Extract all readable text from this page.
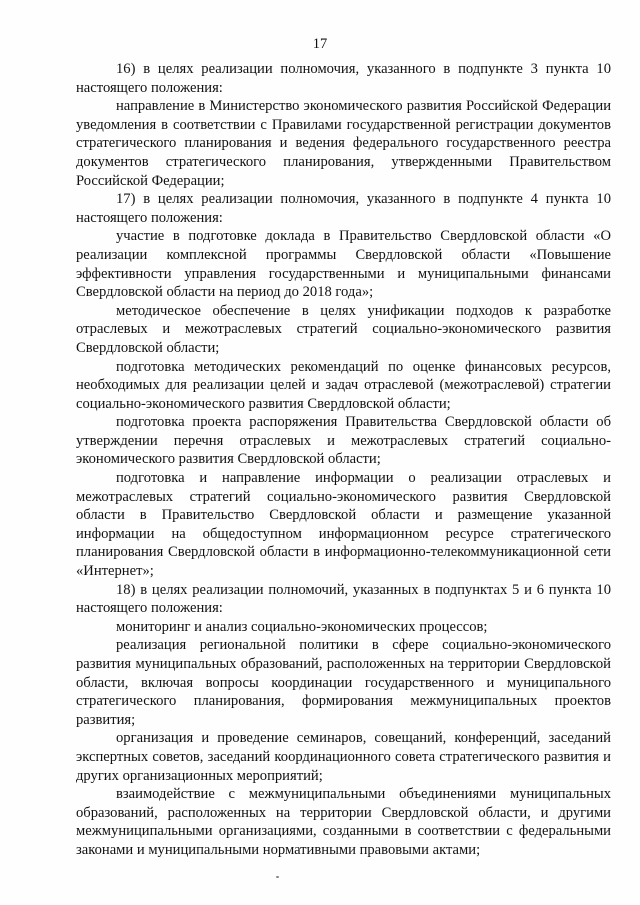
17

16) в целях реализации полномочия, указанного в подпункте 3 пункта 10 настоящего положения:

направление в Министерство экономического развития Российской Федерации уведомления в соответствии с Правилами государственной регистрации документов стратегического планирования и ведения федерального государственного реестра документов стратегического планирования, утвержденными Правительством Российской Федерации;

17) в целях реализации полномочия, указанного в подпункте 4 пункта 10 настоящего положения:

участие в подготовке доклада в Правительство Свердловской области «О реализации комплексной программы Свердловской области «Повышение эффективности управления государственными и муниципальными финансами Свердловской области на период до 2018 года»;

методическое обеспечение в целях унификации подходов к разработке отраслевых и межотраслевых стратегий социально-экономического развития Свердловской области;

подготовка методических рекомендаций по оценке финансовых ресурсов, необходимых для реализации целей и задач отраслевой (межотраслевой) стратегии социально-экономического развития Свердловской области;

подготовка проекта распоряжения Правительства Свердловской области об утверждении перечня отраслевых и межотраслевых стратегий социально-экономического развития Свердловской области;

подготовка и направление информации о реализации отраслевых и межотраслевых стратегий социально-экономического развития Свердловской области в Правительство Свердловской области и размещение указанной информации на общедоступном информационном ресурсе стратегического планирования Свердловской области в информационно-телекоммуникационной сети «Интернет»;

18) в целях реализации полномочий, указанных в подпунктах 5 и 6 пункта 10 настоящего положения:

мониторинг и анализ социально-экономических процессов;

реализация региональной политики в сфере социально-экономического развития муниципальных образований, расположенных на территории Свердловской области, включая вопросы координации государственного и муниципального стратегического планирования, формирования межмуниципальных проектов развития;

организация и проведение семинаров, совещаний, конференций, заседаний экспертных советов, заседаний координационного совета стратегического развития и других организационных мероприятий;

взаимодействие с межмуниципальными объединениями муниципальных образований, расположенных на территории Свердловской области, и другими межмуниципальными организациями, созданными в соответствии с федеральными законами и муниципальными нормативными правовыми актами;
